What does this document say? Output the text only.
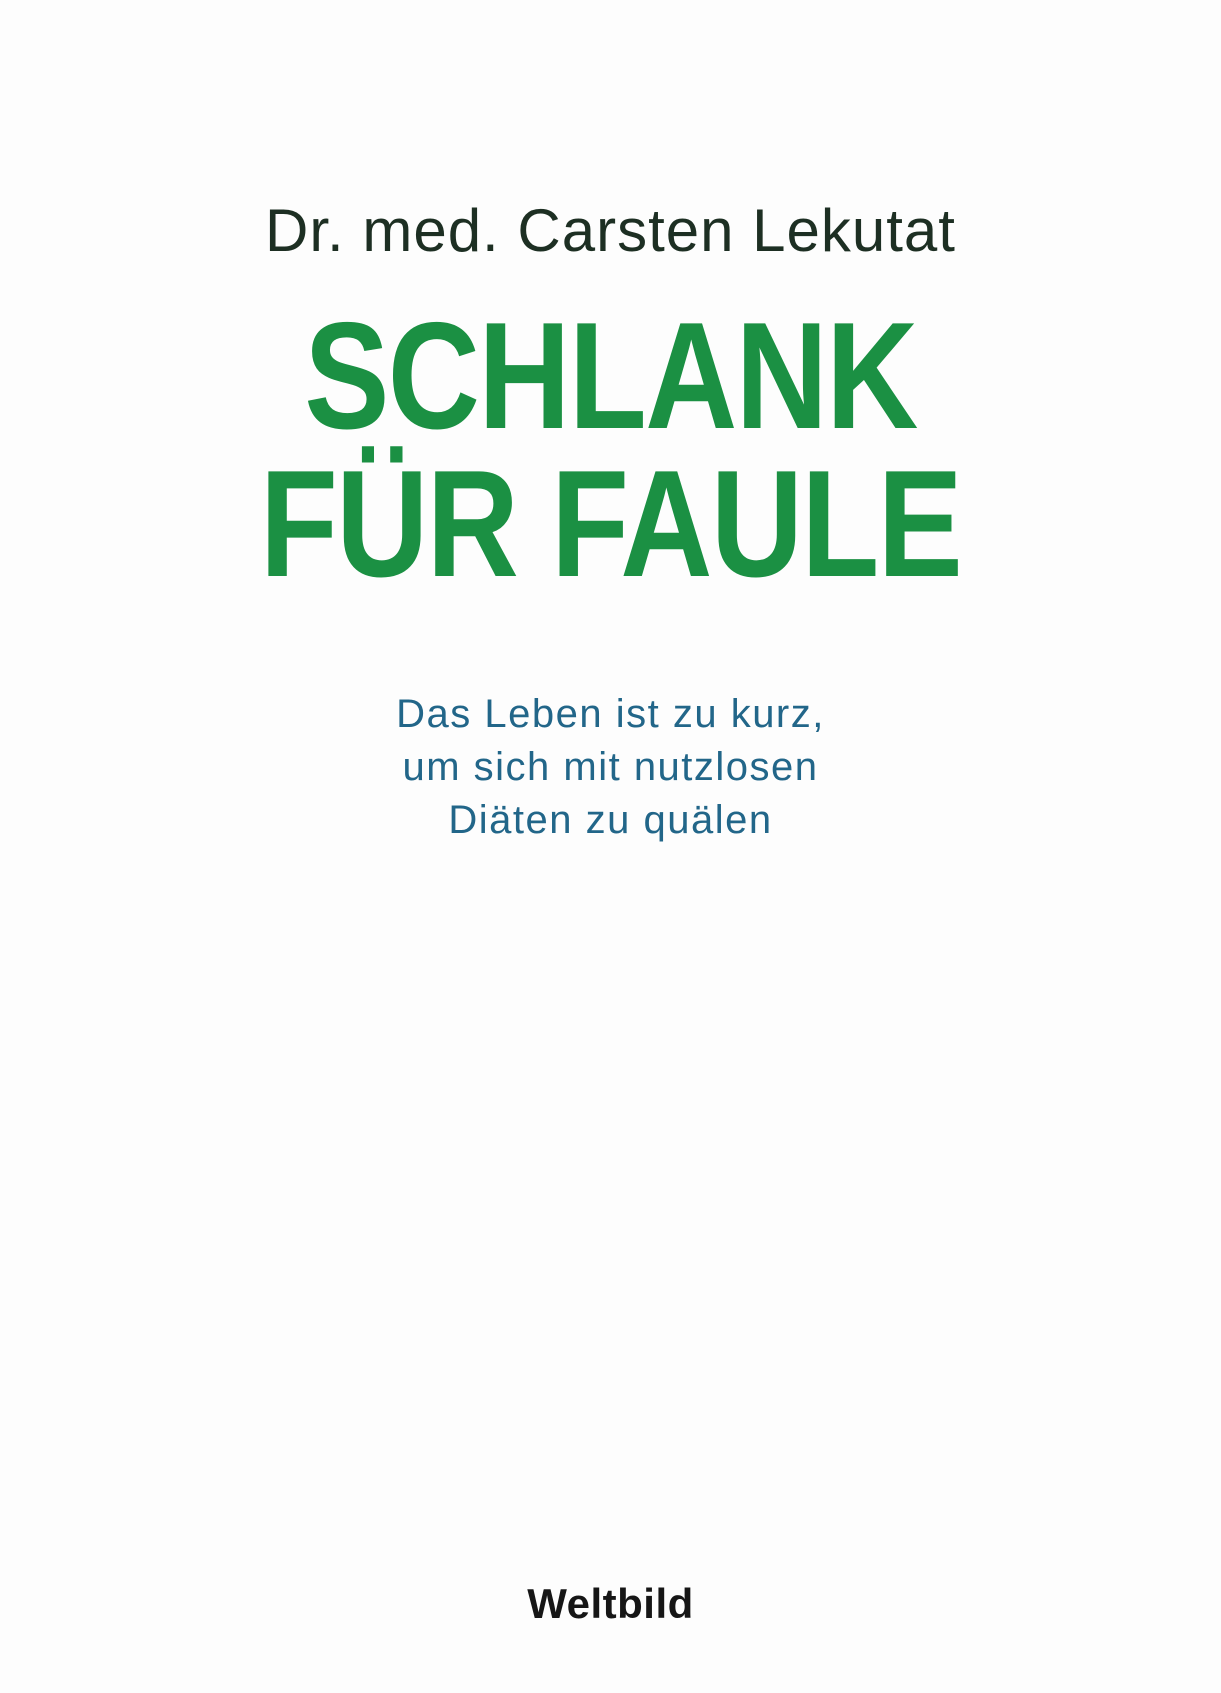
Dr. med. Carsten Lekutat
SCHLANK
FÜR FAULE
Das Leben ist zu kurz,
um sich mit nutzlosen
Diäten zu quälen
Weltbild
